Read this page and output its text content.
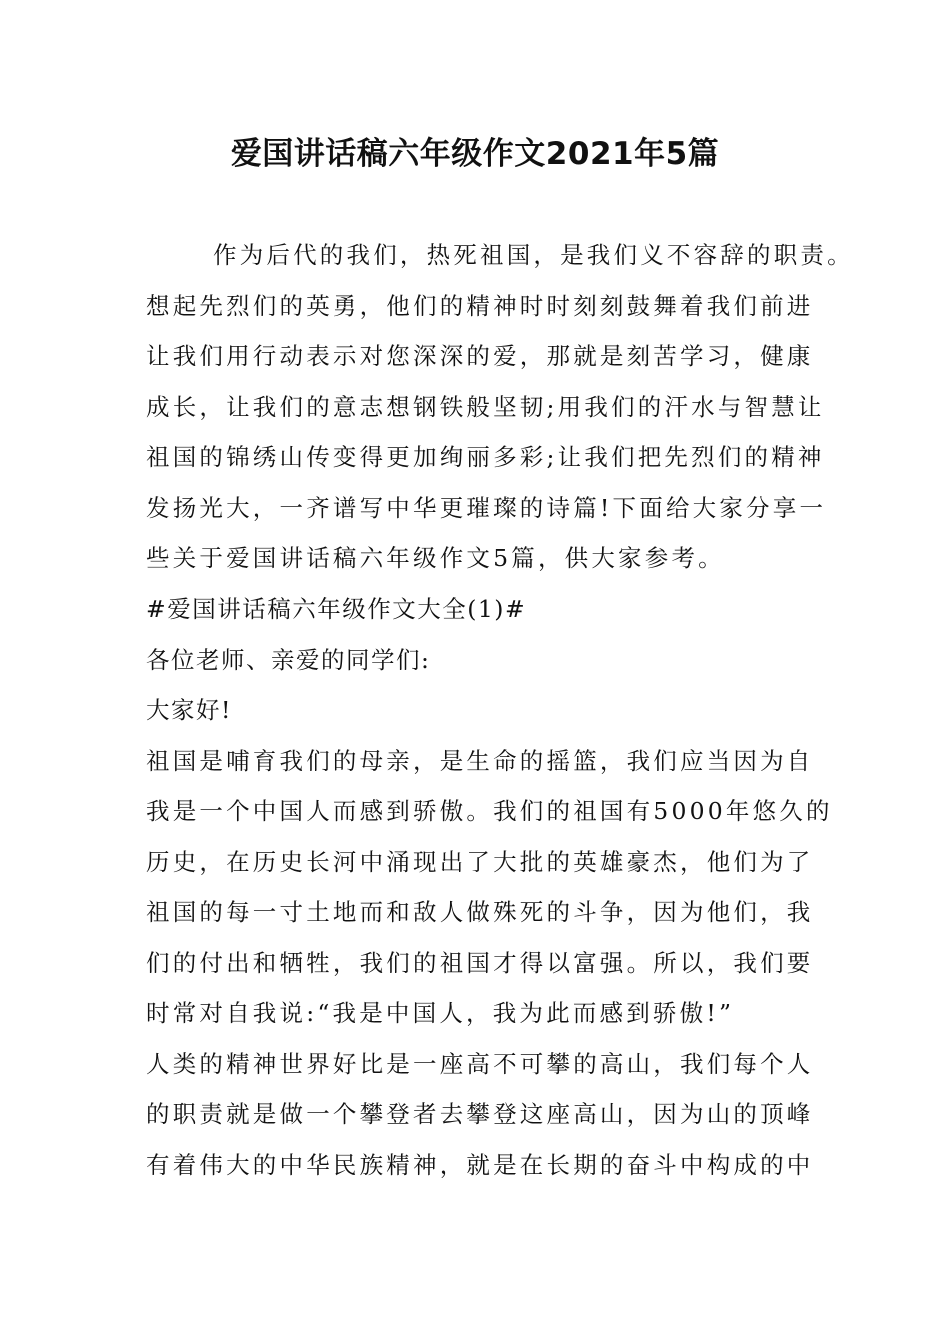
爱国讲话稿六年级作文2021年5篇

作为后代的我们，热死祖国，是我们义不容辞的职责。

想起先烈们的英勇，他们的精神时时刻刻鼓舞着我们前进

让我们用行动表示对您深深的爱，那就是刻苦学习，健康

成长，让我们的意志想钢铁般坚韧;用我们的汗水与智慧让

祖国的锦绣山传变得更加绚丽多彩;让我们把先烈们的精神

发扬光大，一齐谱写中华更璀璨的诗篇!下面给大家分享一

些关于爱国讲话稿六年级作文5篇，供大家参考。

#爱国讲话稿六年级作文大全(1)#

各位老师、亲爱的同学们:

大家好!

祖国是哺育我们的母亲，是生命的摇篮，我们应当因为自

我是一个中国人而感到骄傲。我们的祖国有5000年悠久的

历史，在历史长河中涌现出了大批的英雄豪杰，他们为了

祖国的每一寸土地而和敌人做殊死的斗争，因为他们，我

们的付出和牺牲，我们的祖国才得以富强。所以，我们要

时常对自我说:“我是中国人，我为此而感到骄傲!”

人类的精神世界好比是一座高不可攀的高山，我们每个人

的职责就是做一个攀登者去攀登这座高山，因为山的顶峰

有着伟大的中华民族精神，就是在长期的奋斗中构成的中
